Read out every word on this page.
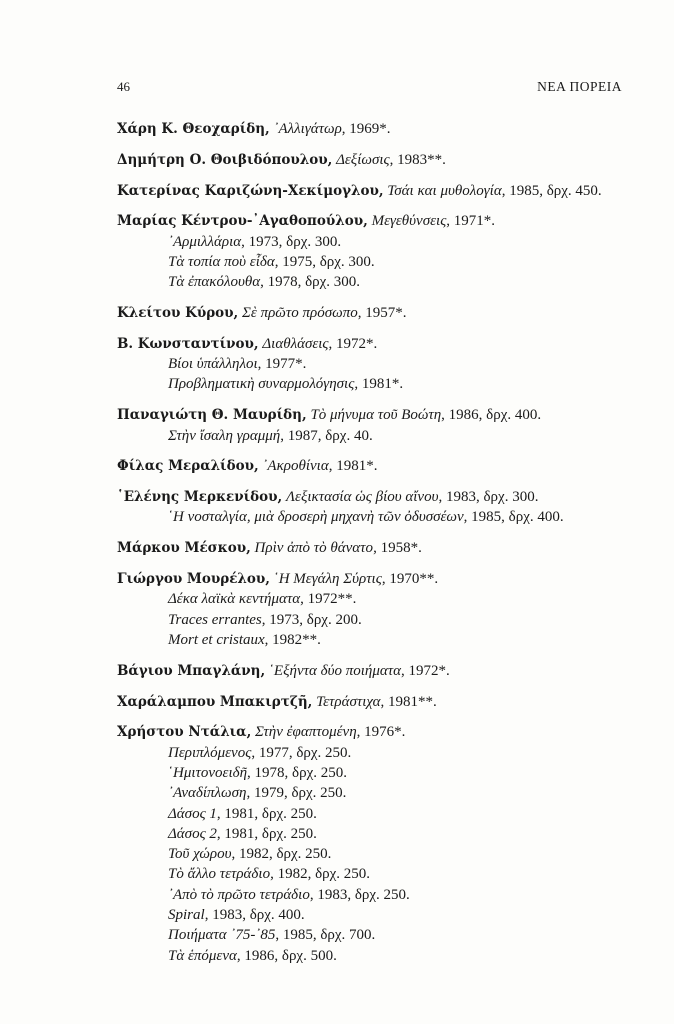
46	ΝΕΑ ΠΟΡΕΙΑ
Χάρη Κ. Θεοχαρίδη, ᾿Αλλιγάτωρ, 1969*.
Δημήτρη Ο. Θοιβιδόπουλου, Δεξίωσις, 1983**.
Κατερίνας Καριζώνη-Χεκίμογλου, Τσάι και μυθολογία, 1985, δρχ. 450.
Μαρίας Κέντρου-᾿Αγαθοπούλου, Μεγεθύνσεις, 1971*.
᾿Αρμιλλάρια, 1973, δρχ. 300.
Τὰ τοπία ποὺ εἶδα, 1975, δρχ. 300.
Τὰ ἐπακόλουθα, 1978, δρχ. 300.
Κλείτου Κύρου, Σὲ πρῶτο πρόσωπο, 1957*.
Β. Κωνσταντίνου, Διαθλάσεις, 1972*.
Βίοι ὑπάλληλοι, 1977*.
Προβληματικὴ συναρμολόγησις, 1981*.
Παναγιώτη Θ. Μαυρίδη, Τὸ μήνυμα τοῦ Βοώτη, 1986, δρχ. 400.
Στὴν ἴσαλη γραμμή, 1987, δρχ. 40.
Φίλας Μεραλίδου, ᾿Ακροθίνια, 1981*.
῾Ελένης Μερκενίδου, Λεξικτασία ὡς βίου αἴνου, 1983, δρχ. 300.
῾Η νοσταλγία, μιὰ δροσερὴ μηχανὴ τῶν ὀδυσσέων, 1985, δρχ. 400.
Μάρκου Μέσκου, Πρὶν ἀπὸ τὸ θάνατο, 1958*.
Γιώργου Μουρέλου, ῾Η Μεγάλη Σύρτις, 1970**.
Δέκα λαϊκὰ κεντήματα, 1972**.
Traces errantes, 1973, δρχ. 200.
Mort et cristaux, 1982**.
Βάγιου Μπαγλάνη, ῾Εξήντα δύο ποιήματα, 1972*.
Χαράλαμπου Μπακιρτζῆ, Τετράστιχα, 1981**.
Χρήστου Ντάλια, Στὴν ἐφαπτομένη, 1976*.
Περιπλόμενος, 1977, δρχ. 250.
῾Ημιτονοειδῆ, 1978, δρχ. 250.
᾿Αναδίπλωση, 1979, δρχ. 250.
Δάσος 1, 1981, δρχ. 250.
Δάσος 2, 1981, δρχ. 250.
Τοῦ χώρου, 1982, δρχ. 250.
Τὸ ἄλλο τετράδιο, 1982, δρχ. 250.
᾿Απὸ τὸ πρῶτο τετράδιο, 1983, δρχ. 250.
Spiral, 1983, δρχ. 400.
Ποιήματα ᾿75-᾿85, 1985, δρχ. 700.
Τὰ ἑπόμενα, 1986, δρχ. 500.
